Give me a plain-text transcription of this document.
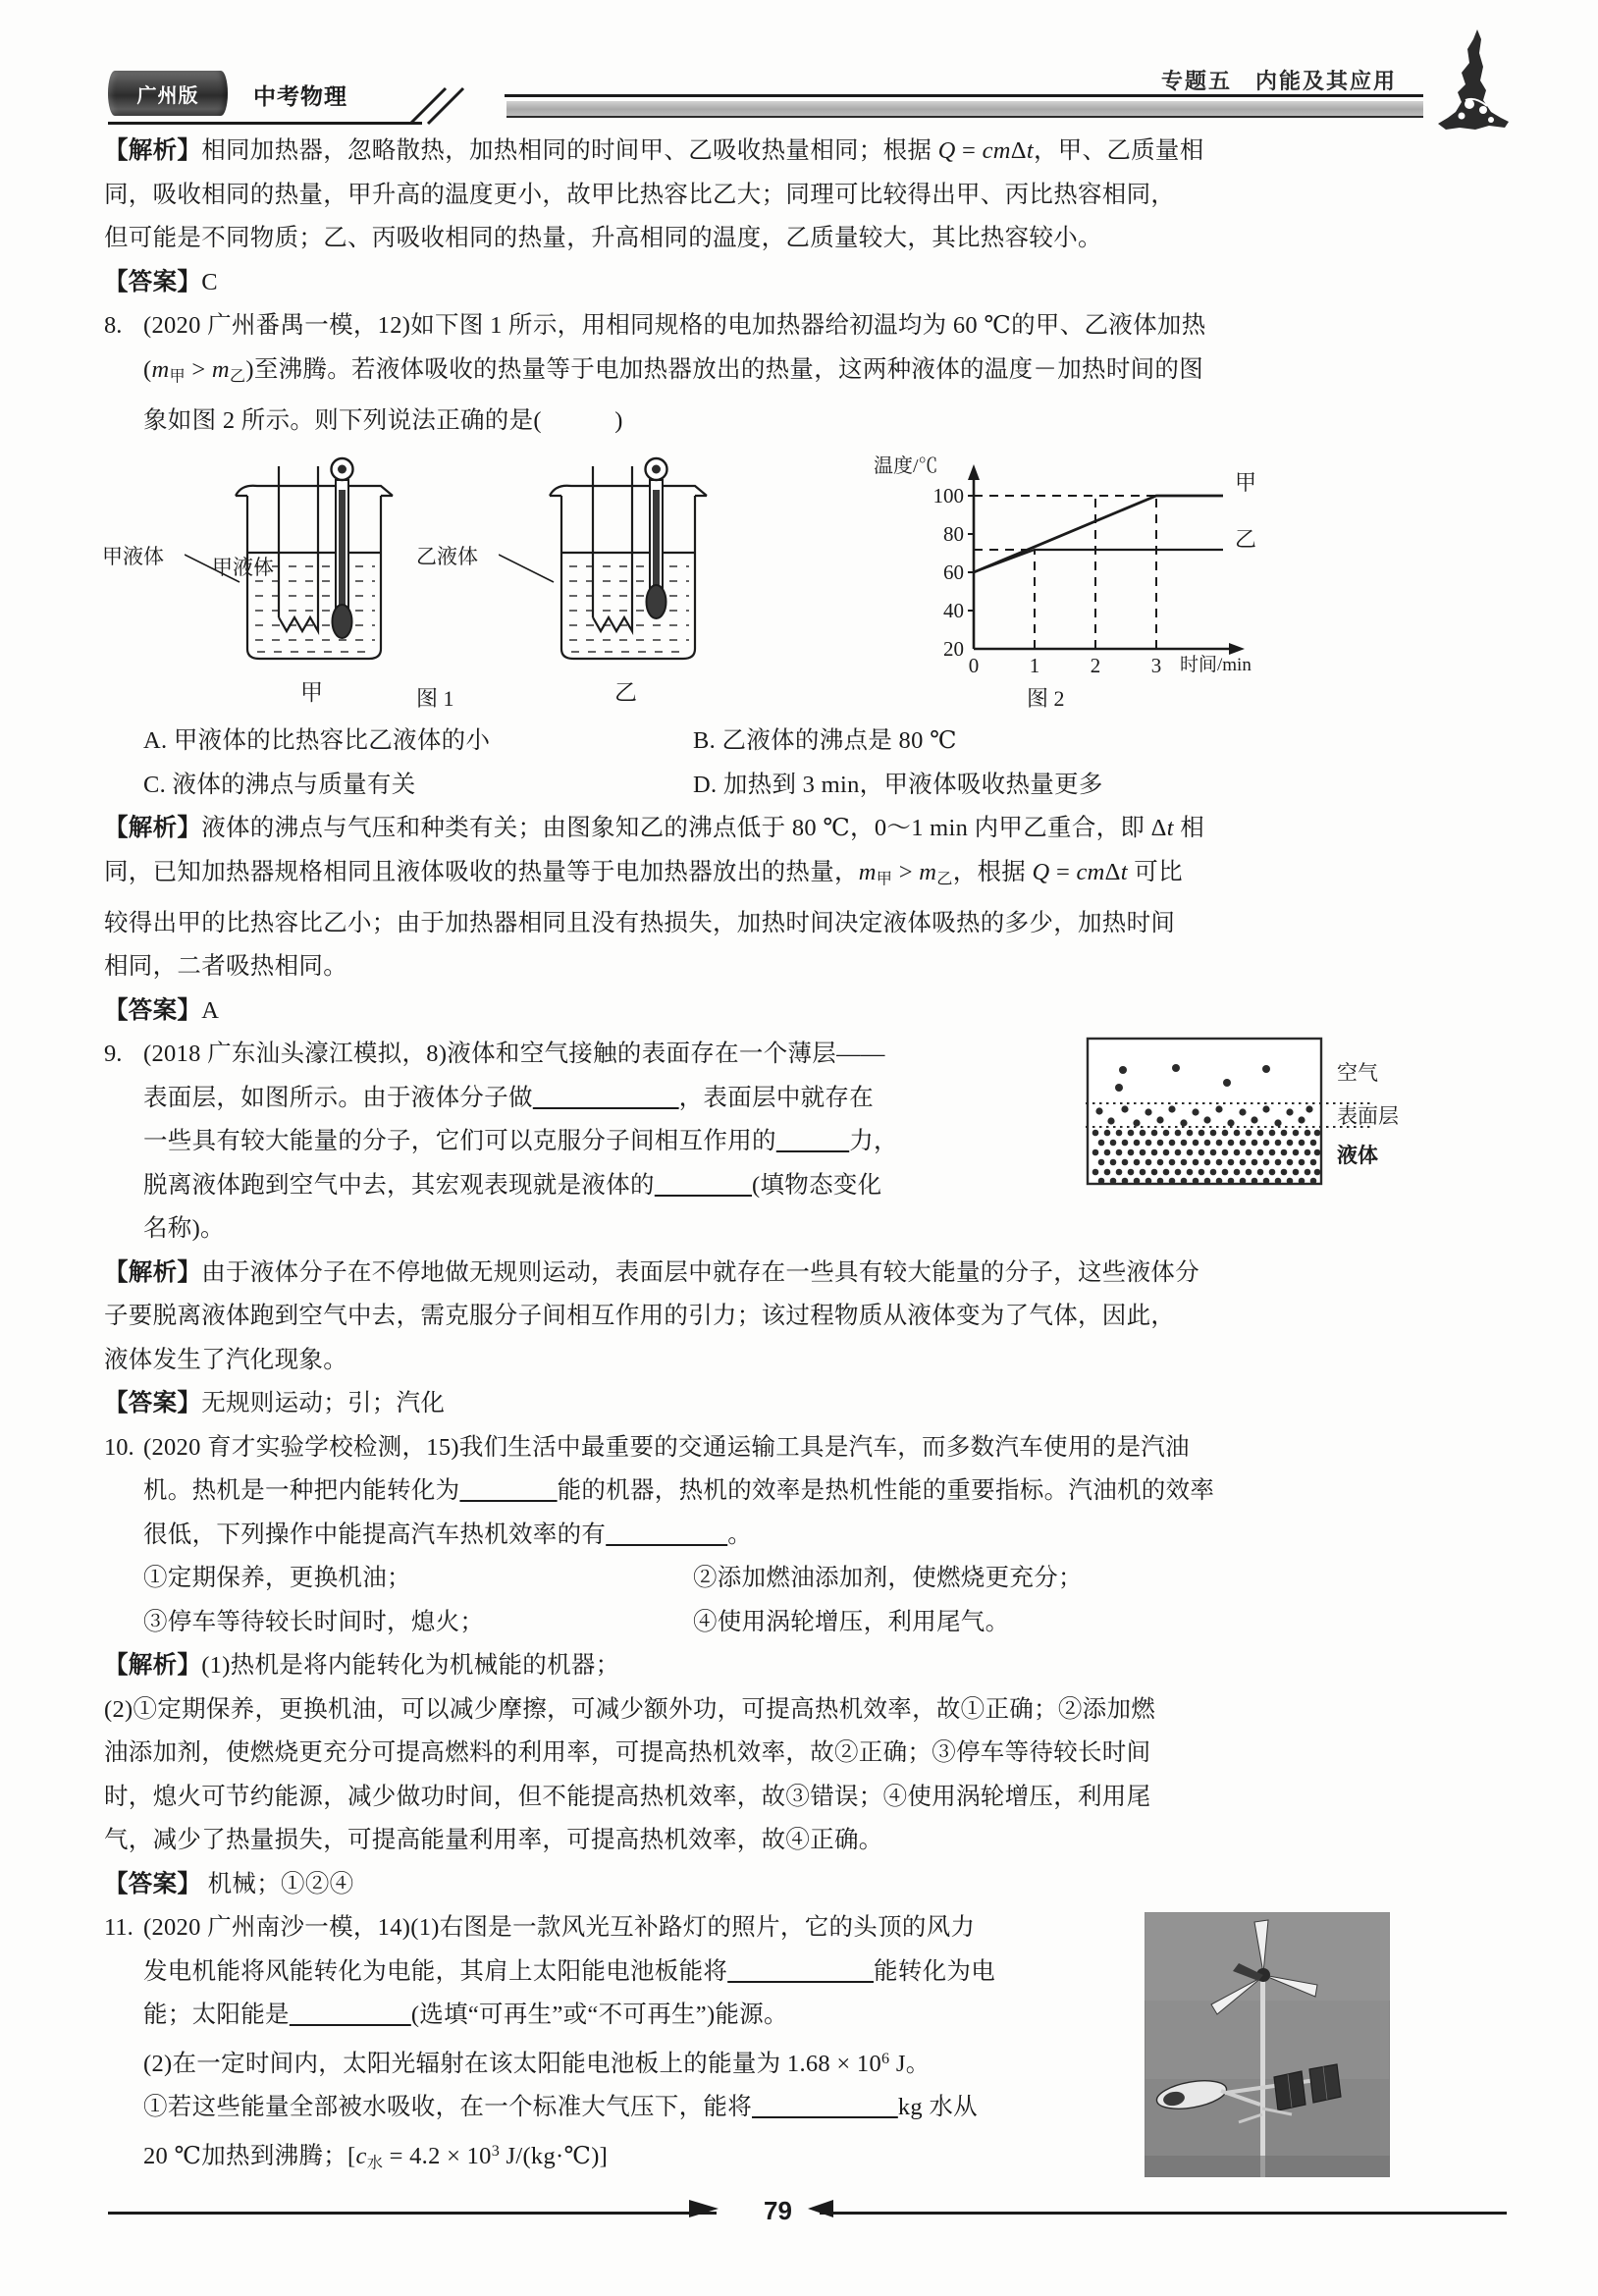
广州版	中考物理
专题五　内能及其应用
【解析】相同加热器，忽略散热，加热相同的时间甲、乙吸收热量相同；根据 Q = cmΔt，甲、乙质量相
同，吸收相同的热量，甲升高的温度更小，故甲比热容比乙大；同理可比较得出甲、丙比热容相同，
但可能是不同物质；乙、丙吸收相同的热量，升高相同的温度，乙质量较大，其比热容较小。
【答案】C
8. (2020 广州番禺一模，12)如下图 1 所示，用相同规格的电加热器给初温均为 60 ℃的甲、乙液体加热
$(m_甲 > m_乙)$至沸腾。若液体吸收的热量等于电加热器放出的热量，这两种液体的温度－加热时间的图
象如图 2 所示。则下列说法正确的是(　　　)
甲液体
甲液体	乙液体
甲	乙
温度/℃
100
80
60
40
20
0 1 2 3 时间/min
甲
乙
图 1	图 2
A. 甲液体的比热容比乙液体的小	B. 乙液体的沸点是 80 ℃
C. 液体的沸点与质量有关	D. 加热到 3 min，甲液体吸收热量更多
【解析】液体的沸点与气压和种类有关；由图象知乙的沸点低于 80 ℃，0～1 min 内甲乙重合，即 Δt 相
同，已知加热器规格相同且液体吸收的热量等于电加热器放出的热量，$m_甲 > m_乙$，根据 Q = cmΔt 可比
较得出甲的比热容比乙小；由于加热器相同且没有热损失，加热时间决定液体吸热的多少，加热时间
相同，二者吸热相同。
【答案】A
9. (2018 广东汕头濠江模拟，8)液体和空气接触的表面存在一个薄层——
表面层，如图所示。由于液体分子做　　　　　　	，表面层中就存在
一些具有较大能量的分子，它们可以克服分子间相互作用的　　　	力，
脱离液体跑到空气中去，其宏观表现就是液体的　　　　	(填物态变化
名称)。
空气
表面层
液体
【解析】由于液体分子在不停地做无规则运动，表面层中就存在一些具有较大能量的分子，这些液体分
子要脱离液体跑到空气中去，需克服分子间相互作用的引力；该过程物质从液体变为了气体，因此，
液体发生了汽化现象。
【答案】无规则运动；引；汽化
10. (2020 育才实验学校检测，15)我们生活中最重要的交通运输工具是汽车，而多数汽车使用的是汽油
机。热机是一种把内能转化为　　　　	能的机器，热机的效率是热机性能的重要指标。汽油机的效率
很低，下列操作中能提高汽车热机效率的有　　　　　	。
①定期保养，更换机油；	②添加燃油添加剂，使燃烧更充分；
③停车等待较长时间时，熄火；	④使用涡轮增压，利用尾气。
【解析】(1)热机是将内能转化为机械能的机器；
(2)①定期保养，更换机油，可以减少摩擦，可减少额外功，可提高热机效率，故①正确；②添加燃
油添加剂，使燃烧更充分可提高燃料的利用率，可提高热机效率，故②正确；③停车等待较长时间
时，熄火可节约能源，减少做功时间，但不能提高热机效率，故③错误；④使用涡轮增压，利用尾
气，减少了热量损失，可提高能量利用率，可提高热机效率，故④正确。
【答案】 机械；①②④
11. (2020 广州南沙一模，14)(1)右图是一款风光互补路灯的照片，它的头顶的风力
发电机能将风能转化为电能，其肩上太阳能电池板能将　　　　　　	能转化为电
能；太阳能是　　　　　	(选填“可再生”或“不可再生”)能源。
(2)在一定时间内，太阳光辐射在该太阳能电池板上的能量为 $1.68 \times 10^6$ J。
①若这些能量全部被水吸收，在一个标准大气压下，能将　　　　　　	kg 水从
20 ℃加热到沸腾；[$c_水 = 4.2 \times 10^3$ J/(kg·℃)]
79
